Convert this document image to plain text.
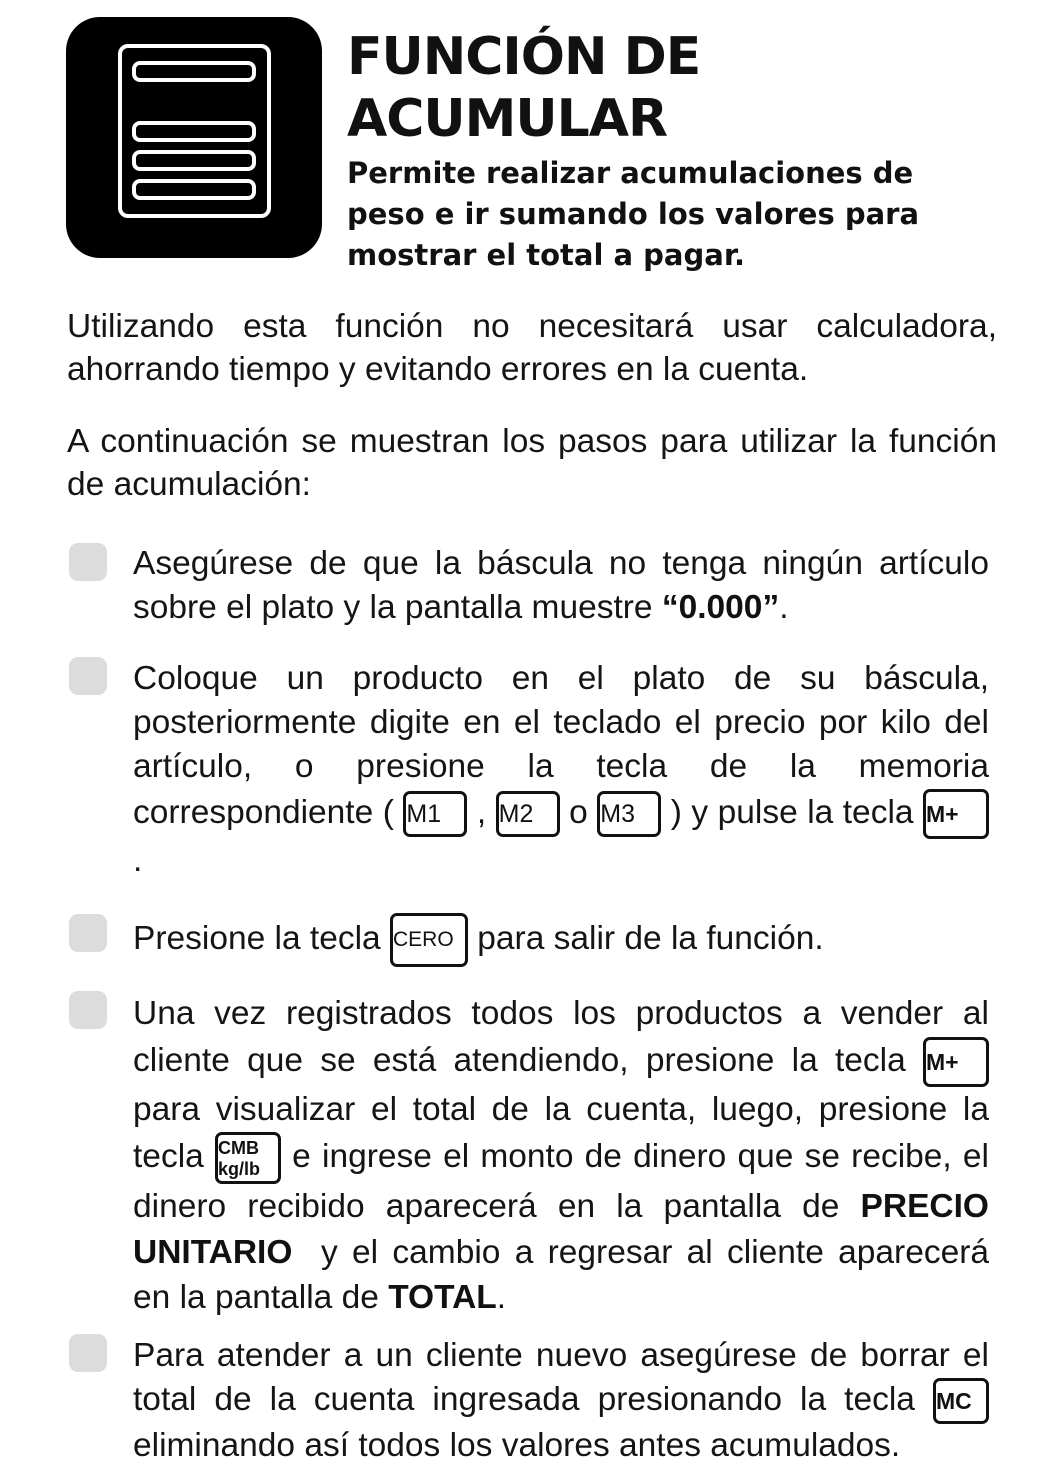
FUNCIÓN DE
ACUMULAR

Permite realizar acumulaciones de peso e ir sumando los valores para mostrar el total a pagar.

Utilizando esta función no necesitará usar calculadora, ahorrando tiempo y evitando errores en la cuenta.

A continuación se muestran los pasos para utilizar la función de acumulación:

Asegúrese de que la báscula no tenga ningún artículo sobre el plato y la pantalla muestre “0.000”.

Coloque un producto en el plato de su báscula, posteriormente digite en el teclado el precio por kilo del artículo, o presione la tecla de la memoria correspondiente ( M1 , M2 o M3 ) y pulse la tecla M+ .

Presione la tecla CERO para salir de la función.

Una vez registrados todos los productos a vender al cliente que se está atendiendo, presione la tecla M+ para visualizar el total de la cuenta, luego, presione la tecla CMB
kg/lb e ingrese el monto de dinero que se recibe, el dinero recibido aparecerá en la pantalla de PRECIO UNITARIO  y el cambio a regresar al cliente aparecerá en la pantalla de TOTAL.

Para atender a un cliente nuevo asegúrese de borrar el total de la cuenta ingresada presionando la tecla MC eliminando así todos los valores antes acumulados.
